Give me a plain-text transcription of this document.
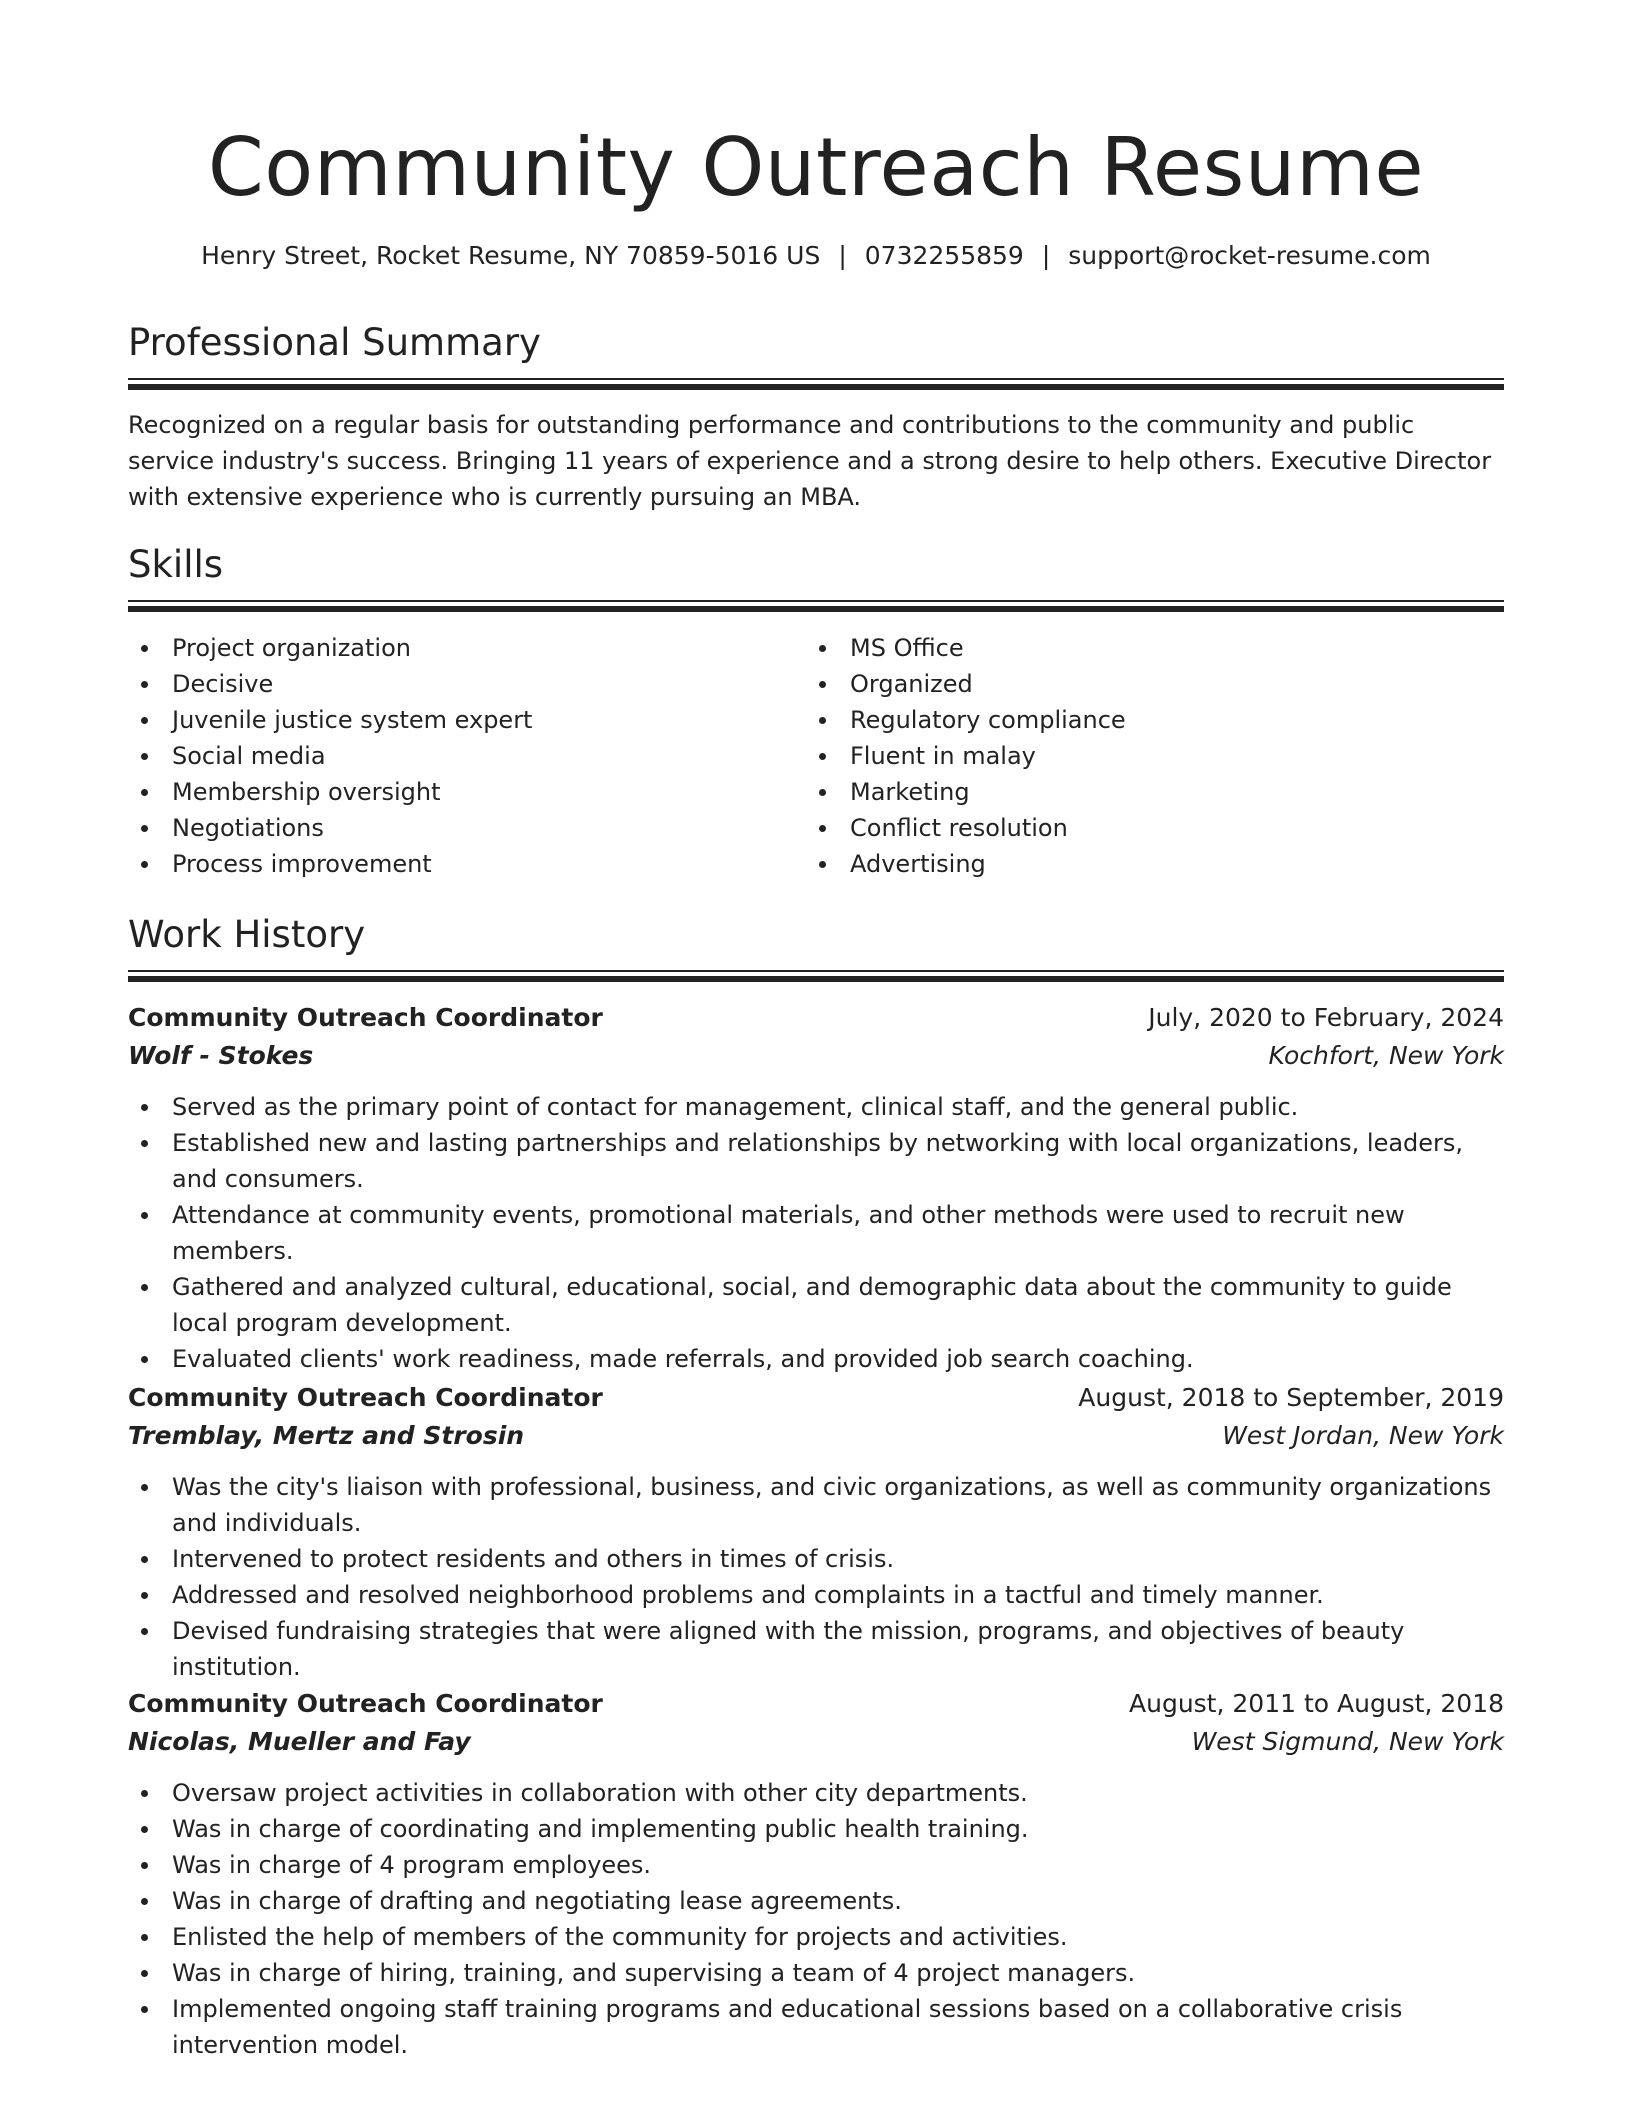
Community Outreach Resume
Henry Street, Rocket Resume, NY 70859-5016 US | 0732255859 | support@rocket-resume.com
Professional Summary

Recognized on a regular basis for outstanding performance and contributions to the community and public service industry's success. Bringing 11 years of experience and a strong desire to help others. Executive Director with extensive experience who is currently pursuing an MBA.

Skills
Project organization
Decisive
Juvenile justice system expert
Social media
Membership oversight
Negotiations
Process improvement
MS Office
Organized
Regulatory compliance
Fluent in malay
Marketing
Conflict resolution
Advertising
Work History
Community Outreach Coordinator	July, 2020 to February, 2024
Wolf - Stokes	Kochfort, New York
Served as the primary point of contact for management, clinical staff, and the general public.
Established new and lasting partnerships and relationships by networking with local organizations, leaders, and consumers.
Attendance at community events, promotional materials, and other methods were used to recruit new members.
Gathered and analyzed cultural, educational, social, and demographic data about the community to guide local program development.
Evaluated clients' work readiness, made referrals, and provided job search coaching.
Community Outreach Coordinator	August, 2018 to September, 2019
Tremblay, Mertz and Strosin	West Jordan, New York
Was the city's liaison with professional, business, and civic organizations, as well as community organizations and individuals.
Intervened to protect residents and others in times of crisis.
Addressed and resolved neighborhood problems and complaints in a tactful and timely manner.
Devised fundraising strategies that were aligned with the mission, programs, and objectives of beauty institution.
Community Outreach Coordinator	August, 2011 to August, 2018
Nicolas, Mueller and Fay	West Sigmund, New York
Oversaw project activities in collaboration with other city departments.
Was in charge of coordinating and implementing public health training.
Was in charge of 4 program employees.
Was in charge of drafting and negotiating lease agreements.
Enlisted the help of members of the community for projects and activities.
Was in charge of hiring, training, and supervising a team of 4 project managers.
Implemented ongoing staff training programs and educational sessions based on a collaborative crisis intervention model.
